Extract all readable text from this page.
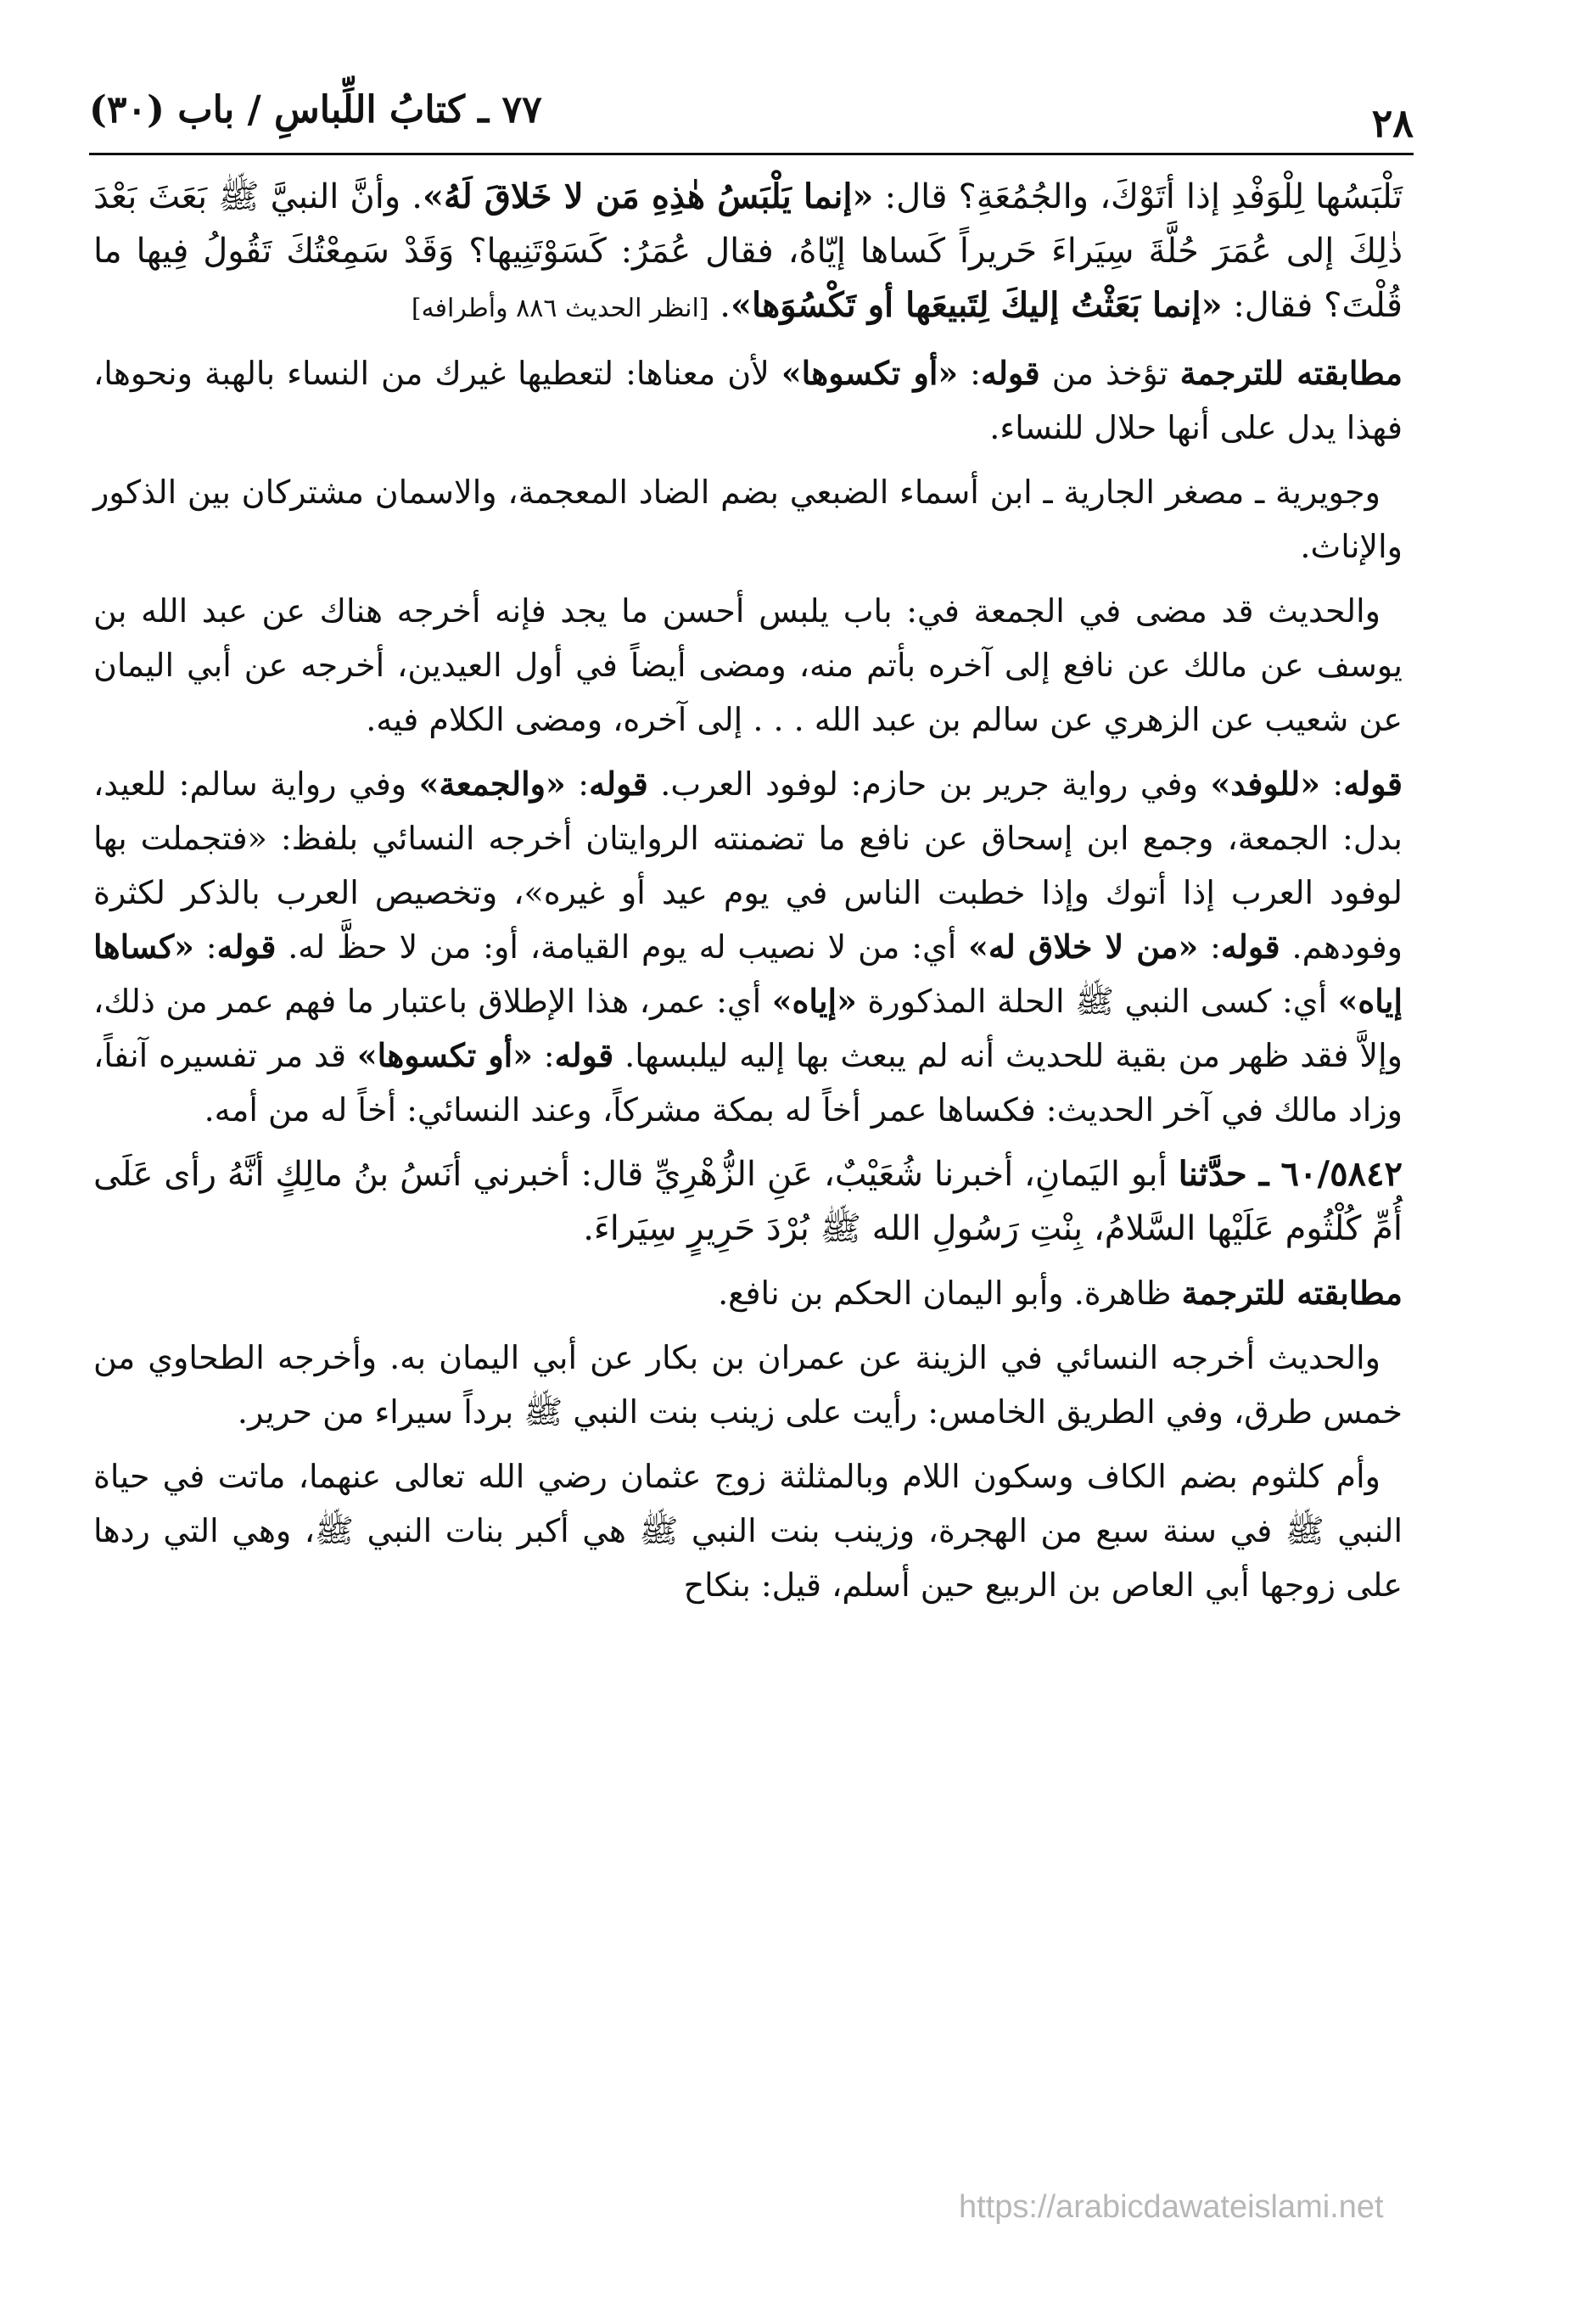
٢٨
٧٧ ـ كتابُ اللِّباسِ / باب (٣٠)

تَلْبَسُها لِلْوَفْدِ إذا أتَوْكَ، والجُمُعَةِ؟ قال: «إنما يَلْبَسُ هٰذِهِ مَن لا خَلاقَ لَهُ». وأنَّ النبيَّ ﷺ بَعَثَ بَعْدَ ذٰلِكَ إلى عُمَرَ حُلَّةَ سِيَراءَ حَريراً كَساها إيّاهُ، فقال عُمَرُ: كَسَوْتَنِيها؟ وَقَدْ سَمِعْتُكَ تَقُولُ فِيها ما قُلْتَ؟ فقال: «إنما بَعَثْتُ إليكَ لِتَبيعَها أو تَكْسُوَها». [انظر الحديث ٨٨٦ وأطرافه]

مطابقته للترجمة تؤخذ من قوله: «أو تكسوها» لأن معناها: لتعطيها غيرك من النساء بالهبة ونحوها، فهذا يدل على أنها حلال للنساء.

وجويرية ـ مصغر الجارية ـ ابن أسماء الضبعي بضم الضاد المعجمة، والاسمان مشتركان بين الذكور والإناث.

والحديث قد مضى في الجمعة في: باب يلبس أحسن ما يجد فإنه أخرجه هناك عن عبد الله بن يوسف عن مالك عن نافع إلى آخره بأتم منه، ومضى أيضاً في أول العيدين، أخرجه عن أبي اليمان عن شعيب عن الزهري عن سالم بن عبد الله . . . إلى آخره، ومضى الكلام فيه.

قوله: «للوفد» وفي رواية جرير بن حازم: لوفود العرب. قوله: «والجمعة» وفي رواية سالم: للعيد، بدل: الجمعة، وجمع ابن إسحاق عن نافع ما تضمنته الروايتان أخرجه النسائي بلفظ: «فتجملت بها لوفود العرب إذا أتوك وإذا خطبت الناس في يوم عيد أو غيره»، وتخصيص العرب بالذكر لكثرة وفودهم. قوله: «من لا خلاق له» أي: من لا نصيب له يوم القيامة، أو: من لا حظَّ له. قوله: «كساها إياه» أي: كسى النبي ﷺ الحلة المذكورة «إياه» أي: عمر، هذا الإطلاق باعتبار ما فهم عمر من ذلك، وإلاَّ فقد ظهر من بقية للحديث أنه لم يبعث بها إليه ليلبسها. قوله: «أو تكسوها» قد مر تفسيره آنفاً، وزاد مالك في آخر الحديث: فكساها عمر أخاً له بمكة مشركاً، وعند النسائي: أخاً له من أمه.

٦٠/٥٨٤٢ ـ حدَّثنا أبو اليَمانِ، أخبرنا شُعَيْبٌ، عَنِ الزُّهْرِيِّ قال: أخبرني أنَسُ بنُ مالِكٍ أنَّهُ رأى عَلَى أُمِّ كُلْثُوم عَلَيْها السَّلامُ، بِنْتِ رَسُولِ الله ﷺ بُرْدَ حَرِيرٍ سِيَراءَ.

مطابقته للترجمة ظاهرة. وأبو اليمان الحكم بن نافع.

والحديث أخرجه النسائي في الزينة عن عمران بن بكار عن أبي اليمان به. وأخرجه الطحاوي من خمس طرق، وفي الطريق الخامس: رأيت على زينب بنت النبي ﷺ برداً سيراء من حرير.

وأم كلثوم بضم الكاف وسكون اللام وبالمثلثة زوج عثمان رضي الله تعالى عنهما، ماتت في حياة النبي ﷺ في سنة سبع من الهجرة، وزينب بنت النبي ﷺ هي أكبر بنات النبي ﷺ، وهي التي ردها على زوجها أبي العاص بن الربيع حين أسلم، قيل: بنكاح

https://arabicdawateislami.net
